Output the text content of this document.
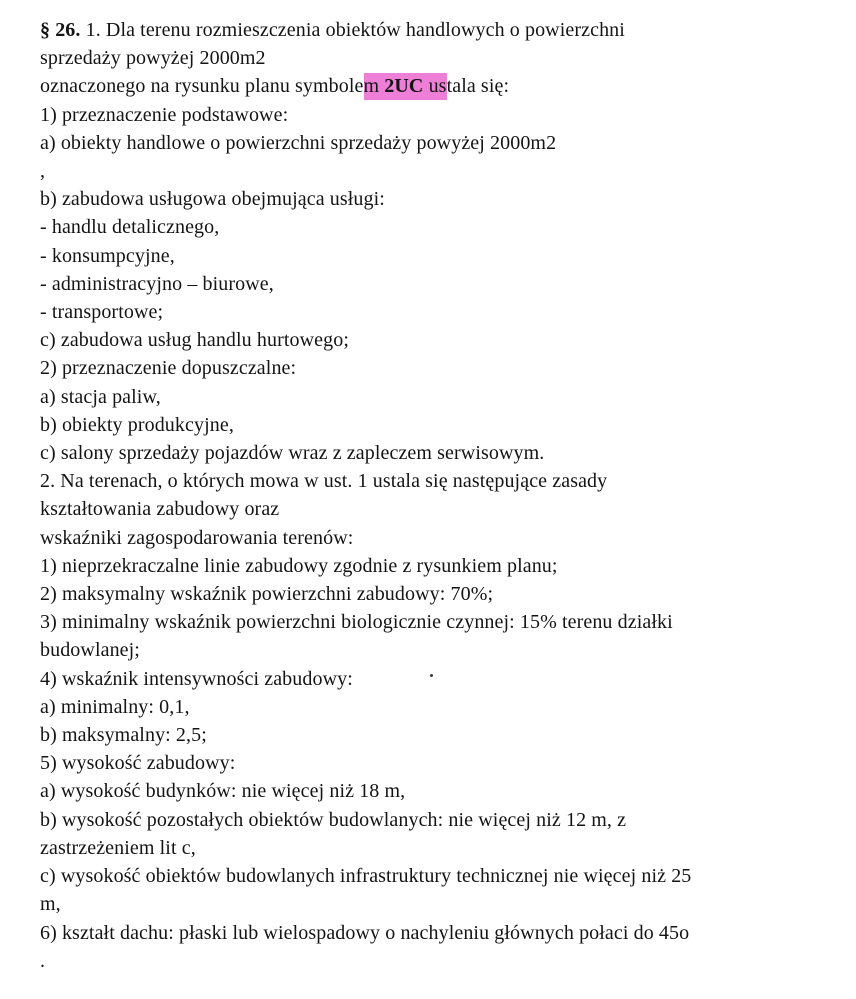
§ 26. 1. Dla terenu rozmieszczenia obiektów handlowych o powierzchni
sprzedaży powyżej 2000m2
oznaczonego na rysunku planu symbolem 2UC ustala się:
1) przeznaczenie podstawowe:
a) obiekty handlowe o powierzchni sprzedaży powyżej 2000m2
,
b) zabudowa usługowa obejmująca usługi:
- handlu detalicznego,
- konsumpcyjne,
- administracyjno – biurowe,
- transportowe;
c) zabudowa usług handlu hurtowego;
2) przeznaczenie dopuszczalne:
a) stacja paliw,
b) obiekty produkcyjne,
c) salony sprzedaży pojazdów wraz z zapleczem serwisowym.
2. Na terenach, o których mowa w ust. 1 ustala się następujące zasady
kształtowania zabudowy oraz
wskaźniki zagospodarowania terenów:
1) nieprzekraczalne linie zabudowy zgodnie z rysunkiem planu;
2) maksymalny wskaźnik powierzchni zabudowy: 70%;
3) minimalny wskaźnik powierzchni biologicznie czynnej: 15% terenu działki
budowlanej;
4) wskaźnik intensywności zabudowy:
a) minimalny: 0,1,
b) maksymalny: 2,5;
5) wysokość zabudowy:
a) wysokość budynków: nie więcej niż 18 m,
b) wysokość pozostałych obiektów budowlanych: nie więcej niż 12 m, z
zastrzeżeniem lit c,
c) wysokość obiektów budowlanych infrastruktury technicznej nie więcej niż 25
m,
6) kształt dachu: płaski lub wielospadowy o nachyleniu głównych połaci do 45o
.
